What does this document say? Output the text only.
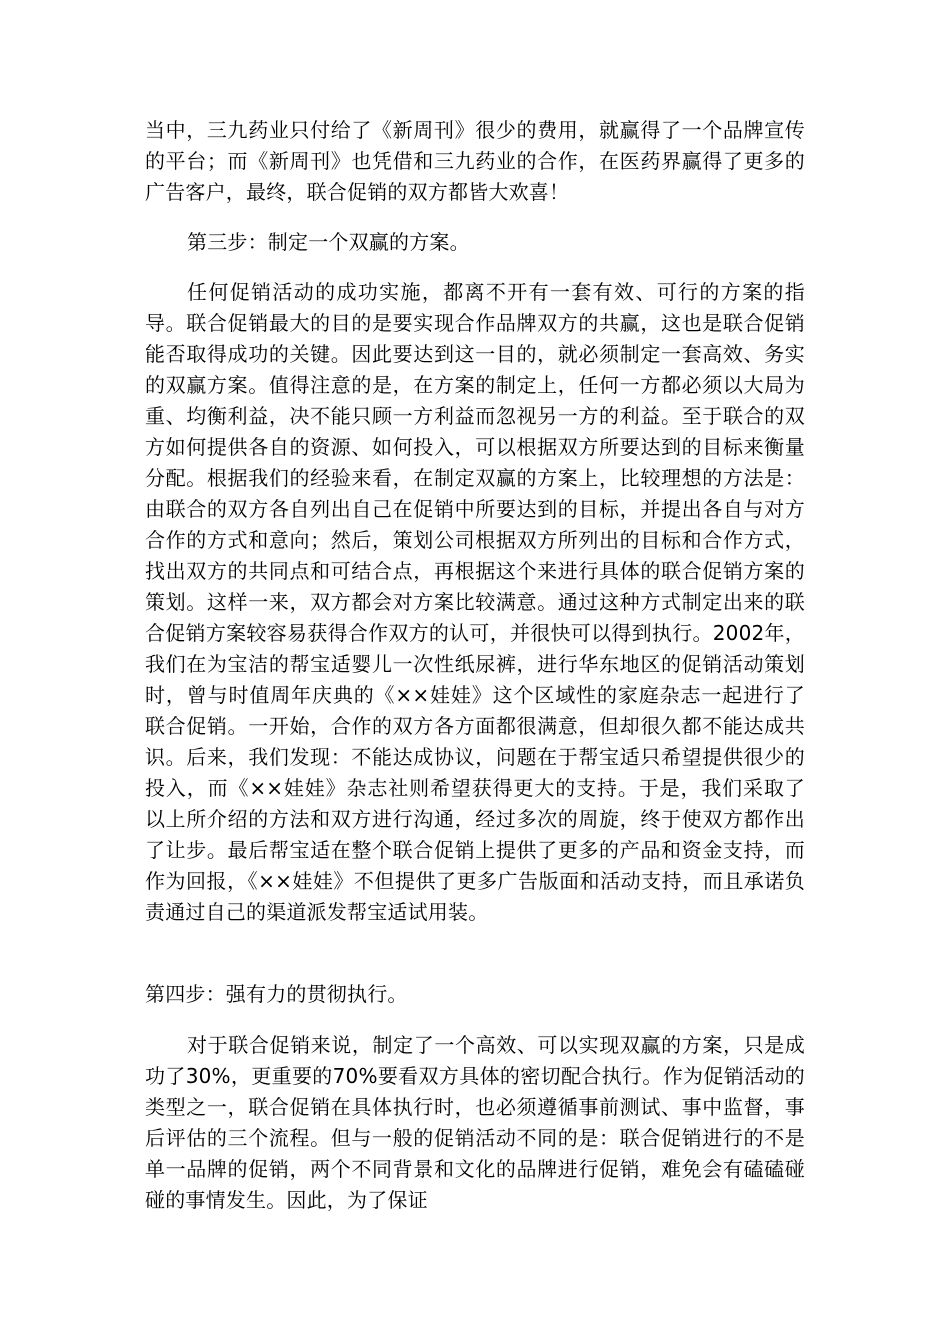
当中，三九药业只付给了《新周刊》很少的费用，就赢得了一个品牌宣传的平台；而《新周刊》也凭借和三九药业的合作，在医药界赢得了更多的广告客户，最终，联合促销的双方都皆大欢喜！

第三步：制定一个双赢的方案。

任何促销活动的成功实施，都离不开有一套有效、可行的方案的指导。联合促销最大的目的是要实现合作品牌双方的共赢，这也是联合促销能否取得成功的关键。因此要达到这一目的，就必须制定一套高效、务实的双赢方案。值得注意的是，在方案的制定上，任何一方都必须以大局为重、均衡利益，决不能只顾一方利益而忽视另一方的利益。至于联合的双方如何提供各自的资源、如何投入，可以根据双方所要达到的目标来衡量分配。根据我们的经验来看，在制定双赢的方案上，比较理想的方法是：由联合的双方各自列出自己在促销中所要达到的目标，并提出各自与对方合作的方式和意向；然后，策划公司根据双方所列出的目标和合作方式，找出双方的共同点和可结合点，再根据这个来进行具体的联合促销方案的策划。这样一来，双方都会对方案比较满意。通过这种方式制定出来的联合促销方案较容易获得合作双方的认可，并很快可以得到执行。2002年，我们在为宝洁的帮宝适婴儿一次性纸尿裤，进行华东地区的促销活动策划时，曾与时值周年庆典的《××娃娃》这个区域性的家庭杂志一起进行了联合促销。一开始，合作的双方各方面都很满意，但却很久都不能达成共识。后来，我们发现：不能达成协议，问题在于帮宝适只希望提供很少的投入，而《××娃娃》杂志社则希望获得更大的支持。于是，我们采取了以上所介绍的方法和双方进行沟通，经过多次的周旋，终于使双方都作出了让步。最后帮宝适在整个联合促销上提供了更多的产品和资金支持，而作为回报，《××娃娃》不但提供了更多广告版面和活动支持，而且承诺负责通过自己的渠道派发帮宝适试用装。

第四步：强有力的贯彻执行。

对于联合促销来说，制定了一个高效、可以实现双赢的方案，只是成功了30%，更重要的70%要看双方具体的密切配合执行。作为促销活动的类型之一，联合促销在具体执行时，也必须遵循事前测试、事中监督，事后评估的三个流程。但与一般的促销活动不同的是：联合促销进行的不是单一品牌的促销，两个不同背景和文化的品牌进行促销，难免会有磕磕碰碰的事情发生。因此，为了保证
